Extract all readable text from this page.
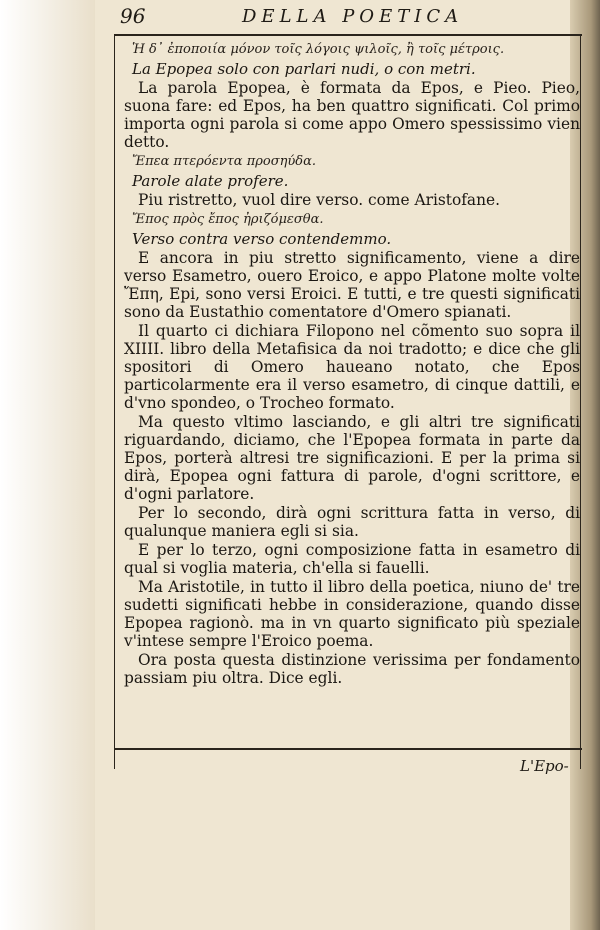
96	DELLA POETICA
Ἡ δ᾽ ἐποποιία μόνον τοῖς λόγοις ψιλοῖς, ἢ τοῖς μέτροις.
La Epopea solo con parlari nudi, o con metri.
La parola Epopea, è formata da Epos, e Pieo. Pieo, suona fare: ed Epos, ha ben quattro significati. Col primo importa ogni parola si come appo Omero spessissimo vien detto.
Ἔπεα πτερόεντα προσηύδα.
Parole alate profere.
Piu ristretto, vuol dire verso. come Aristofane.
Ἔπος πρὸς ἔπος ἠριζόμεσθα.
Verso contra verso contendemmo.
E ancora in piu stretto significamento, viene a dire verso Esametro, ouero Eroico, e appo Platone molte volte Ἔπη, Epi, sono versi Eroici. E tutti, e tre questi significati sono da Eustathio comentatore d'Omero spianati.
Il quarto ci dichiara Filopono nel cõmento suo sopra il XIIII. libro della Metafisica da noi tradotto; e dice che gli spositori di Omero haueano notato, che Epos particolarmente era il verso esametro, di cinque dattili, e d'vno spondeo, o Trocheo formato.
Ma questo vltimo lasciando, e gli altri tre significati riguardando, diciamo, che l'Epopea formata in parte da Epos, porterà altresi tre significazioni. E per la prima si dirà, Epopea ogni fattura di parole, d'ogni scrittore, e d'ogni parlatore.
Per lo secondo, dirà ogni scrittura fatta in verso, di qualunque maniera egli si sia.
E per lo terzo, ogni composizione fatta in esametro di qual si voglia materia, ch'ella si fauelli.
Ma Aristotile, in tutto il libro della poetica, niuno de' tre sudetti significati hebbe in considerazione, quando disse Epopea ragionò. ma in vn quarto significato più speziale v'intese sempre l'Eroico poema.
Ora posta questa distinzione verissima per fondamento passiam piu oltra. Dice egli.
L'Epo-
